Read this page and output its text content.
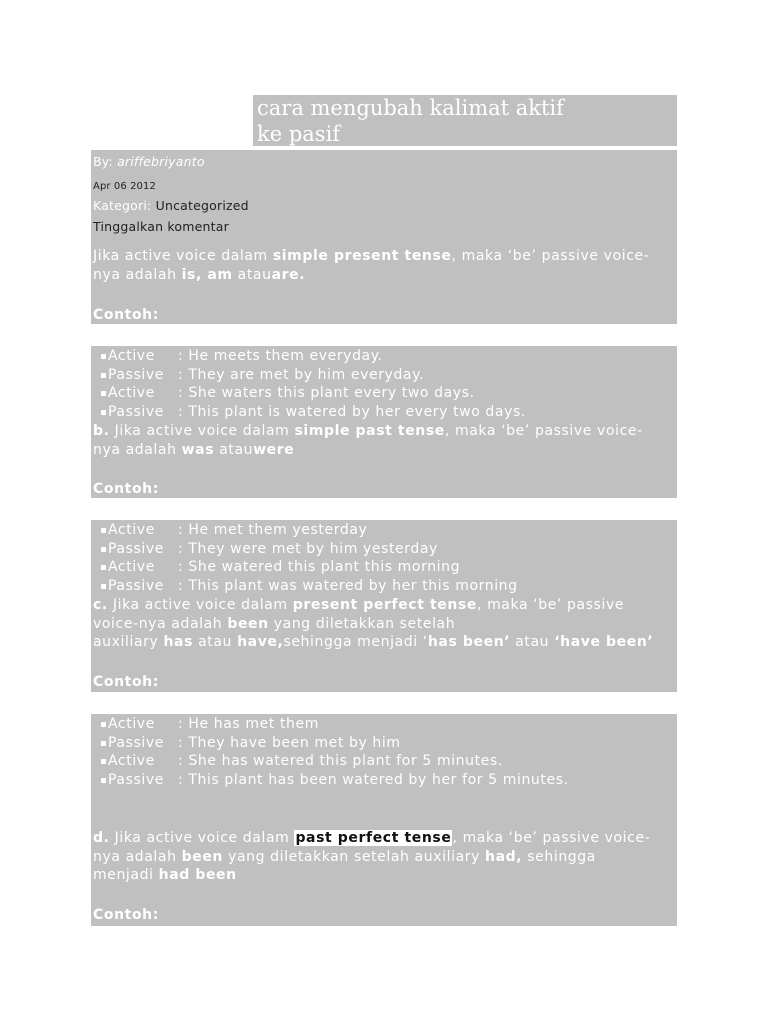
cara mengubah kalimat aktif
ke pasif
By: ariffebriyanto
Apr 06 2012
Kategori: Uncategorized
Tinggalkan komentar
Jika active voice dalam simple present tense, maka ‘be’ passive voice-
nya adalah is, am atauare.
Contoh:
Active : He meets them everyday.
Passive : They are met by him everyday.
Active : She waters this plant every two days.
Passive : This plant is watered by her every two days.
b. Jika active voice dalam simple past tense, maka ‘be’ passive voice-
nya adalah was atauwere
Contoh:
Active : He met them yesterday
Passive : They were met by him yesterday
Active : She watered this plant this morning
Passive : This plant was watered by her this morning
c. Jika active voice dalam present perfect tense, maka ‘be’ passive
voice-nya adalah been yang diletakkan setelah
auxiliary has atau have,sehingga menjadi ‘has been’ atau ‘have been’
Contoh:
Active : He has met them
Passive : They have been met by him
Active : She has watered this plant for 5 minutes.
Passive : This plant has been watered by her for 5 minutes.
d. Jika active voice dalam past perfect tense, maka ‘be’ passive voice-
nya adalah been yang diletakkan setelah auxiliary had, sehingga
menjadi had been
Contoh:
